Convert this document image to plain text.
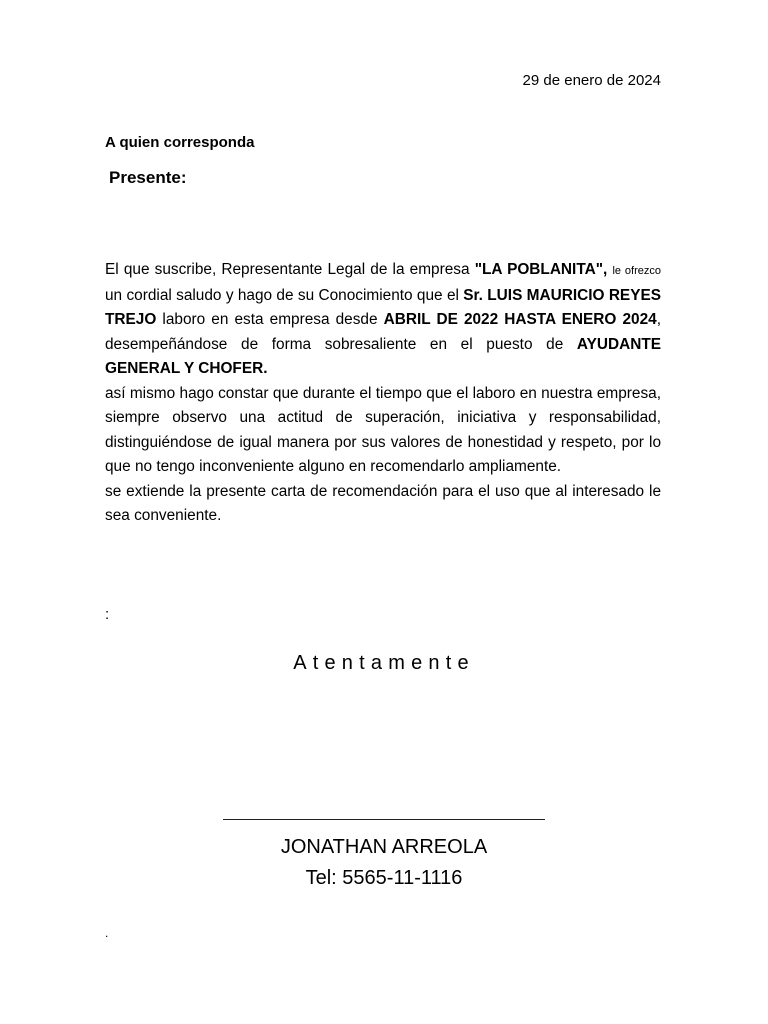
29 de enero de 2024
A quien corresponda
Presente:

El que suscribe, Representante Legal de la empresa "LA POBLANITA", le ofrezco un cordial saludo y hago de su Conocimiento que el Sr. LUIS MAURICIO REYES TREJO laboro en esta empresa desde ABRIL DE 2022 HASTA ENERO 2024, desempeñándose de forma sobresaliente en el puesto de AYUDANTE GENERAL Y CHOFER.

así mismo hago constar que durante el tiempo que el laboro en nuestra empresa, siempre observo una actitud de superación, iniciativa y responsabilidad, distinguiéndose de igual manera por sus valores de honestidad y respeto, por lo que no tengo inconveniente alguno en recomendarlo ampliamente.

se extiende la presente carta de recomendación para el uso que al interesado le sea conveniente.

:
Atentamente
JONATHAN ARREOLA
Tel: 5565-11-1116
.
